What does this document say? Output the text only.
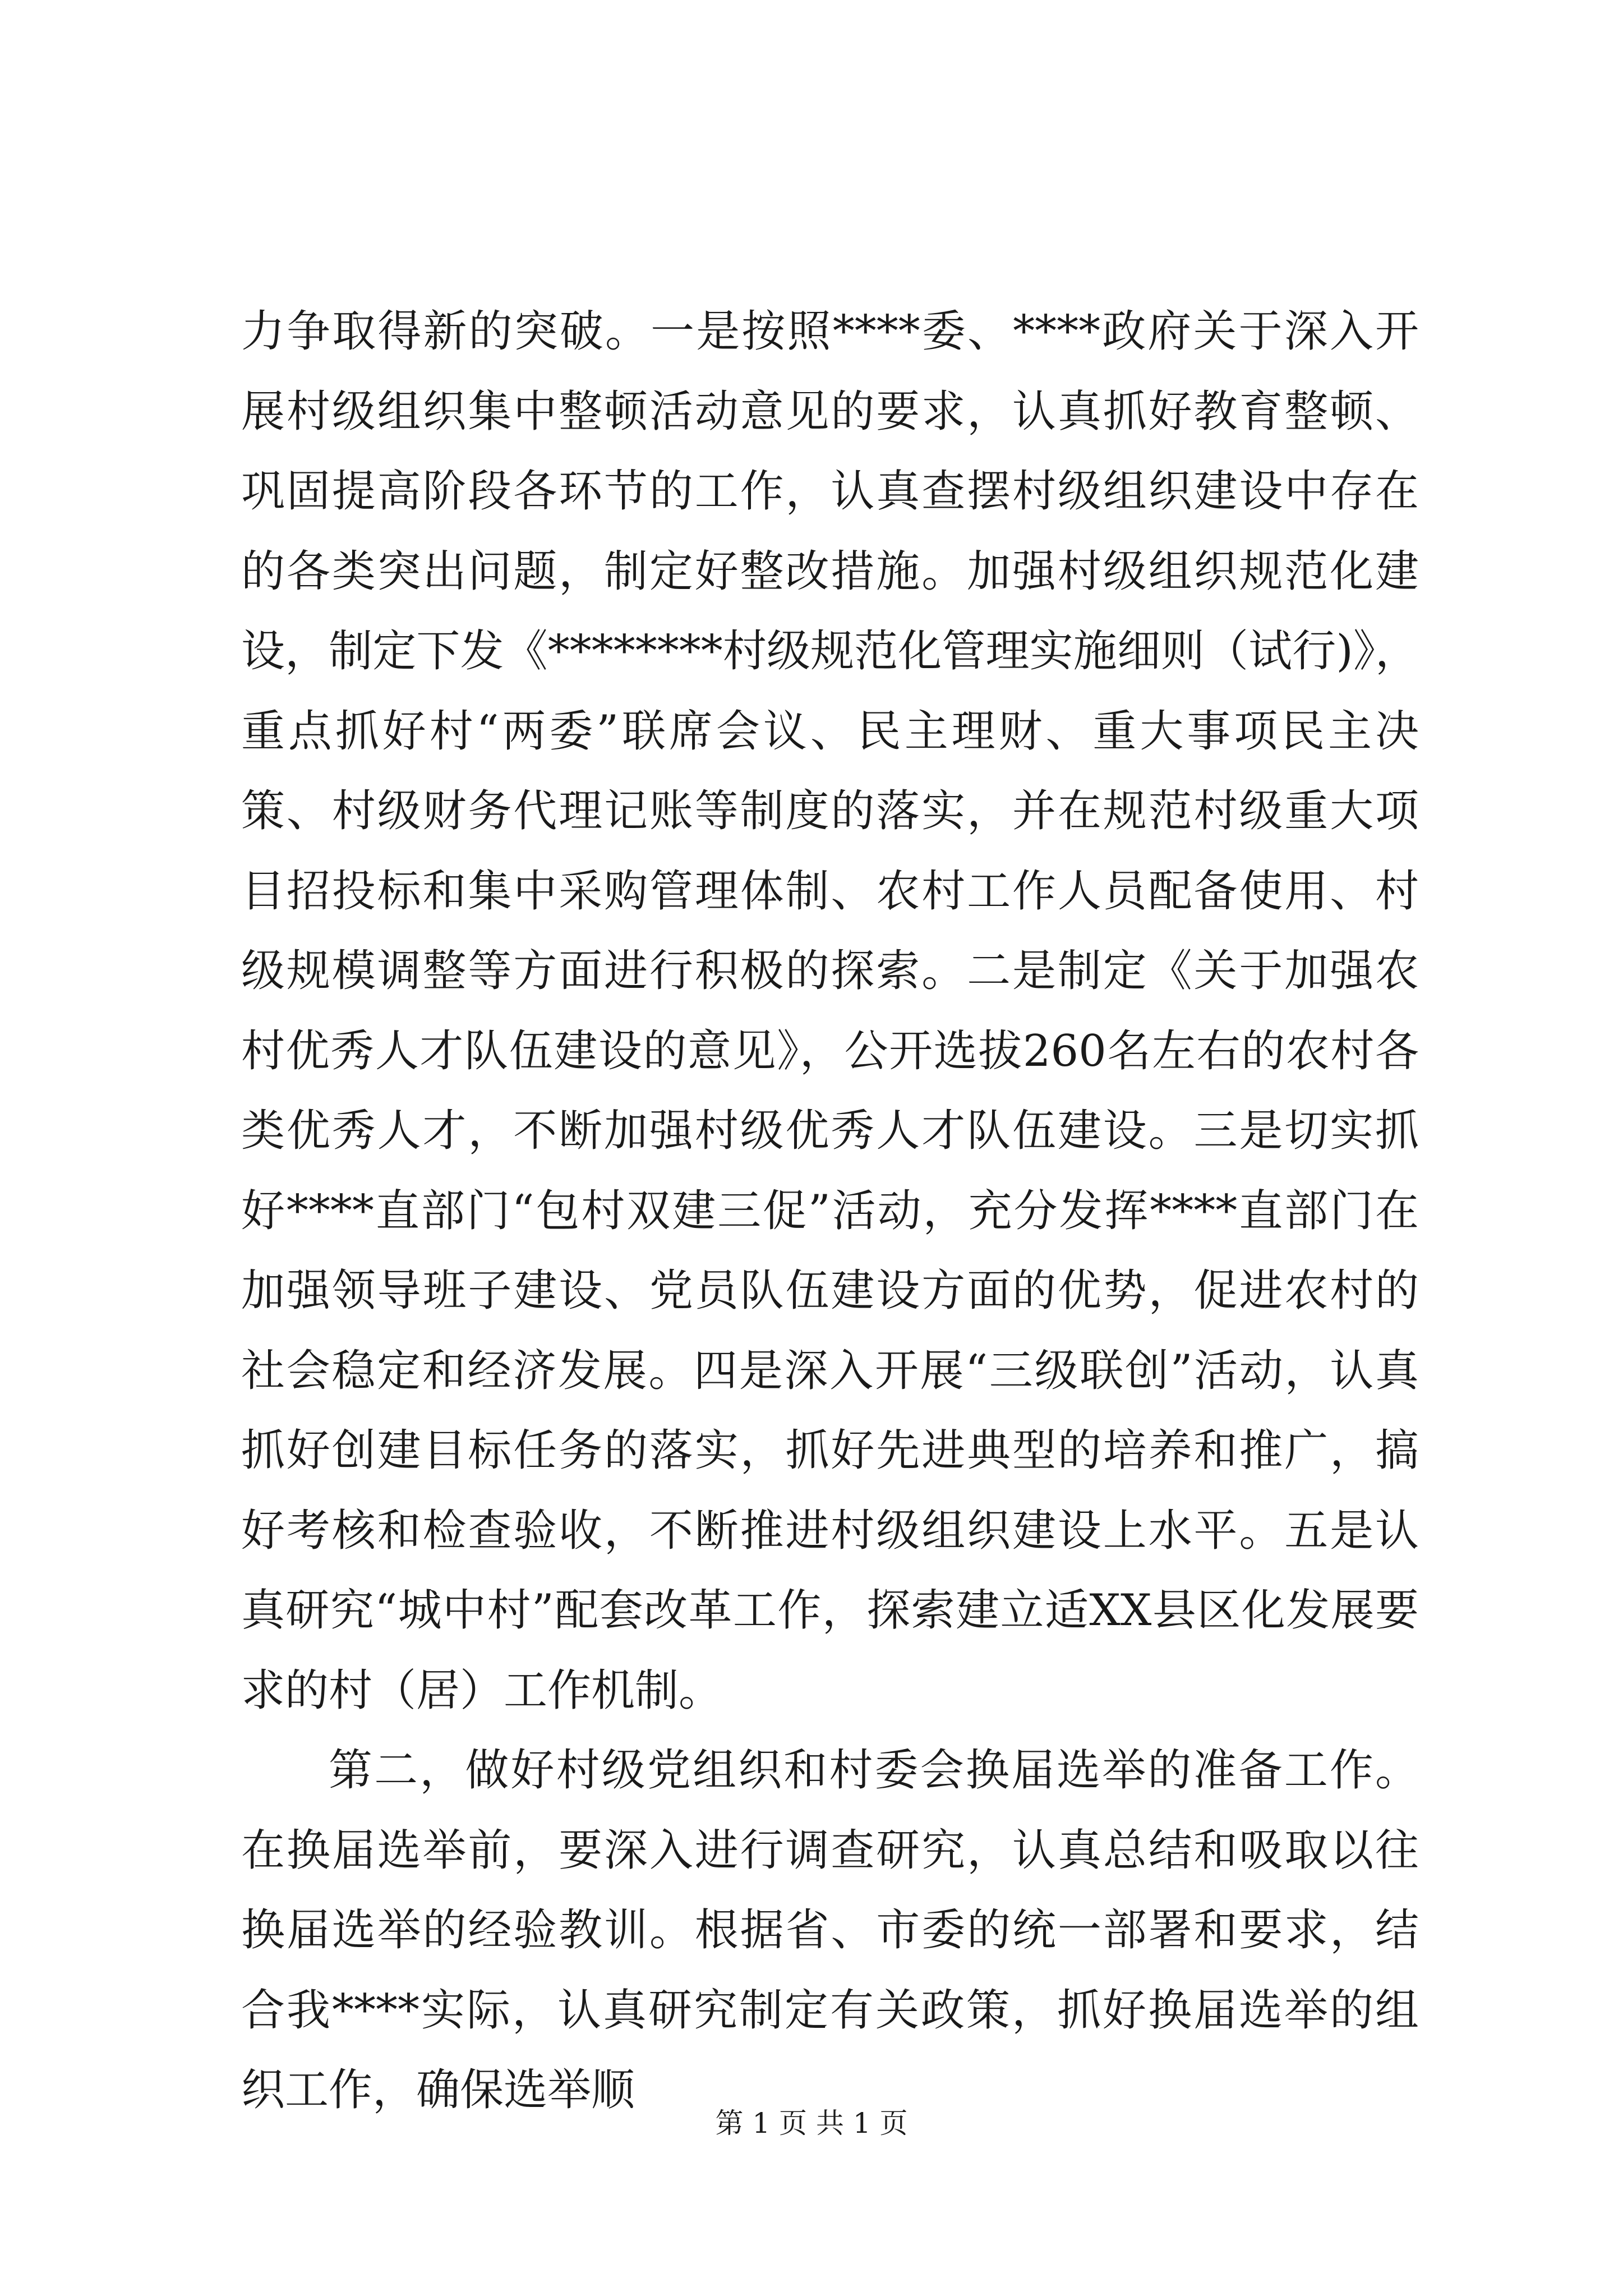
力争取得新的突破。一是按照****委、****政府关于深入开展村级组织集中整顿活动意见的要求，认真抓好教育整顿、巩固提高阶段各环节的工作，认真查摆村级组织建设中存在的各类突出问题，制定好整改措施。加强村级组织规范化建设，制定下发《********村级规范化管理实施细则（试行)》，重点抓好村“两委”联席会议、民主理财、重大事项民主决策、村级财务代理记账等制度的落实，并在规范村级重大项目招投标和集中采购管理体制、农村工作人员配备使用、村级规模调整等方面进行积极的探索。二是制定《关于加强农村优秀人才队伍建设的意见》，公开选拔260名左右的农村各类优秀人才，不断加强村级优秀人才队伍建设。三是切实抓好****直部门“包村双建三促”活动，充分发挥****直部门在加强领导班子建设、党员队伍建设方面的优势，促进农村的社会稳定和经济发展。四是深入开展“三级联创”活动，认真抓好创建目标任务的落实，抓好先进典型的培养和推广，搞好考核和检查验收，不断推进村级组织建设上水平。五是认真研究“城中村”配套改革工作，探索建立适XX县区化发展要求的村（居）工作机制。

第二，做好村级党组织和村委会换届选举的准备工作。在换届选举前，要深入进行调查研究，认真总结和吸取以往换届选举的经验教训。根据省、市委的统一部署和要求，结合我****实际，认真研究制定有关政策，抓好换届选举的组织工作，确保选举顺

第 1 页 共 1 页
